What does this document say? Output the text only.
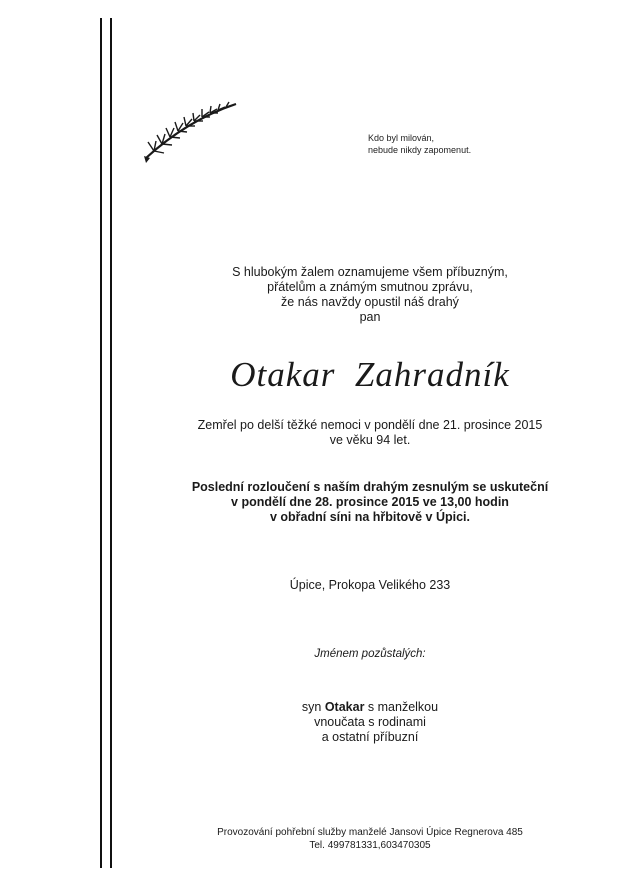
Kdo byl milován,
nebude nikdy zapomenut.
S hlubokým žalem oznamujeme všem příbuzným,
přátelům a známým smutnou zprávu,
že nás navždy opustil náš drahý
pan
Otakar  Zahradník
Zemřel po delší těžké nemoci v pondělí dne 21. prosince 2015
ve věku 94 let.
Poslední rozloučení s naším drahým zesnulým se uskuteční
v pondělí dne 28. prosince 2015 ve 13,00 hodin
v obřadní síni na hřbitově v Úpici.
Úpice, Prokopa Velikého 233
Jménem pozůstalých:
syn Otakar s manželkou
vnoučata s rodinami
a ostatní příbuzní
Provozování pohřební služby manželé Jansovi Úpice Regnerova 485
Tel. 499781331,603470305
